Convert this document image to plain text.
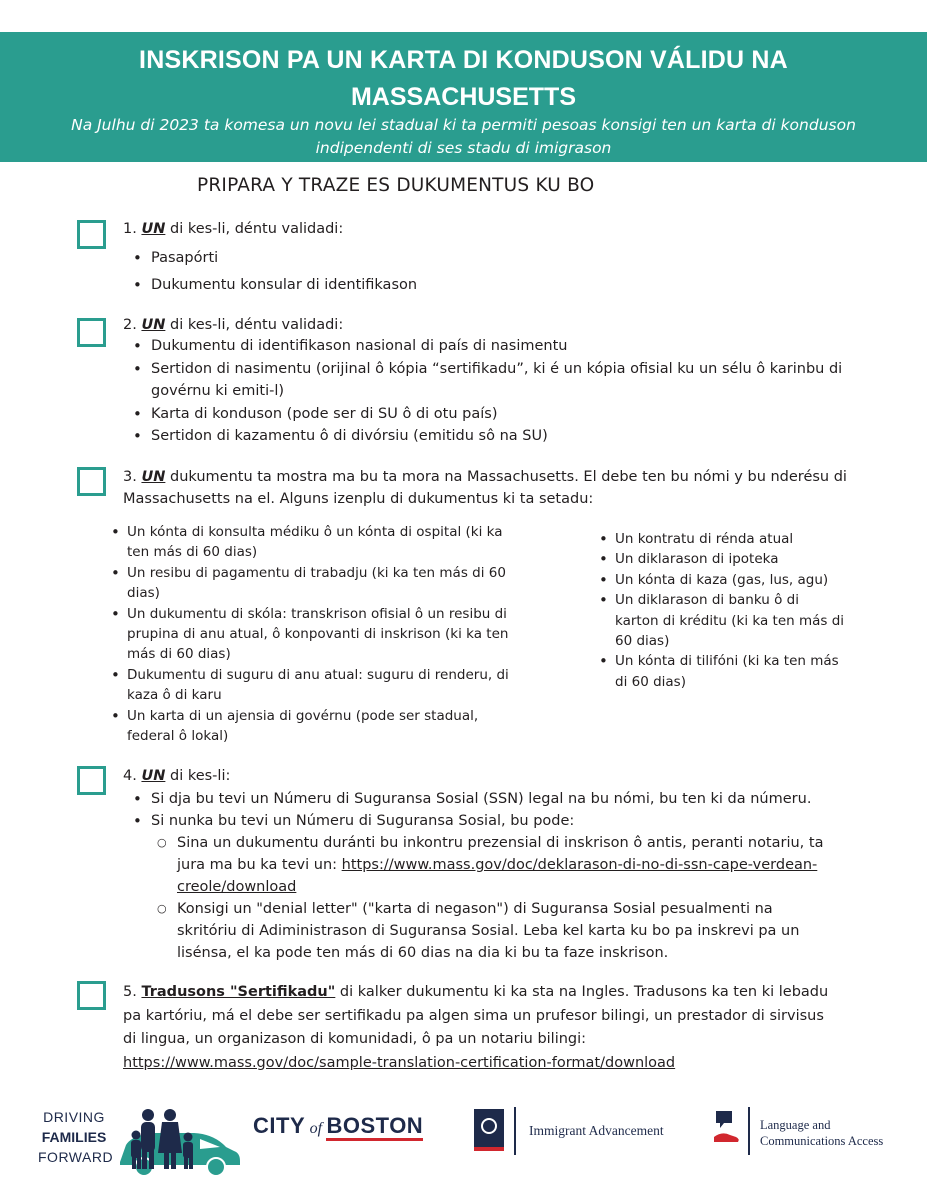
INSKRISON PA UN KARTA DI KONDUSON VÁLIDU NA
MASSACHUSETTS
Na Julhu di 2023 ta komesa un novu lei stadual ki ta permiti pesoas konsigi ten un karta di konduson
indipendenti di ses stadu di imigrason
PRIPARA Y TRAZE ES DUKUMENTUS KU BO
1. UN di kes-li, déntu validadi:
• Pasapórti
• Dukumentu konsular di identifikason
2. UN di kes-li, déntu validadi:
• Dukumentu di identifikason nasional di país di nasimentu
• Sertidon di nasimentu (orijinal ô kópia “sertifikadu”, ki é un kópia ofisial ku un sélu ô karinbu di govérnu ki emiti-l)
• Karta di konduson (pode ser di SU ô di otu país)
• Sertidon di kazamentu ô di divórsiu (emitidu sô na SU)
3. UN dukumentu ta mostra ma bu ta mora na Massachusetts. El debe ten bu nómi y bu nderésu di
Massachusetts na el. Alguns izenplu di dukumentus ki ta setadu:
• Un kónta di konsulta médiku ô un kónta di ospital (ki ka ten más di 60 dias)
• Un resibu di pagamentu di trabadju (ki ka ten más di 60 dias)
• Un dukumentu di skóla: transkrison ofisial ô un resibu di prupina di anu atual, ô konpovanti di inskrison (ki ka ten más di 60 dias)
• Dukumentu di suguru di anu atual: suguru di renderu, di kaza ô di karu
• Un karta di un ajensia di govérnu (pode ser stadual, federal ô lokal)
• Un kontratu di rénda atual
• Un diklarason di ipoteka
• Un kónta di kaza (gas, lus, agu)
• Un diklarason di banku ô di karton di kréditu (ki ka ten más di 60 dias)
• Un kónta di tilifóni (ki ka ten más di 60 dias)
4. UN di kes-li:
• Si dja bu tevi un Númeru di Suguransa Sosial (SSN) legal na bu nómi, bu ten ki da númeru.
• Si nunka bu tevi un Númeru di Suguransa Sosial, bu pode:
○ Sina un dukumentu duránti bu inkontru prezensial di inskrison ô antis, peranti notariu, ta jura ma bu ka tevi un: https://www.mass.gov/doc/deklarason-di-no-di-ssn-cape-verdean-creole/download
○ Konsigi un "denial letter" ("karta di negason") di Suguransa Sosial pesualmenti na skritóriu di Adiministrason di Suguransa Sosial. Leba kel karta ku bo pa inskrevi pa un lisénsa, el ka pode ten más di 60 dias na dia ki bu ta faze inskrison.
5. Tradusons "Sertifikadu" di kalker dukumentu ki ka sta na Ingles. Tradusons ka ten ki lebadu
pa kartóriu, má el debe ser sertifikadu pa algen sima un prufesor bilingi, un prestador di sirvisus
di lingua, un organizason di komunidadi, ô pa un notariu bilingi:
https://www.mass.gov/doc/sample-translation-certification-format/download
DRIVING
FAMILIES
FORWARD
CITY of BOSTON	Immigrant Advancement	Language and
Communications Access
